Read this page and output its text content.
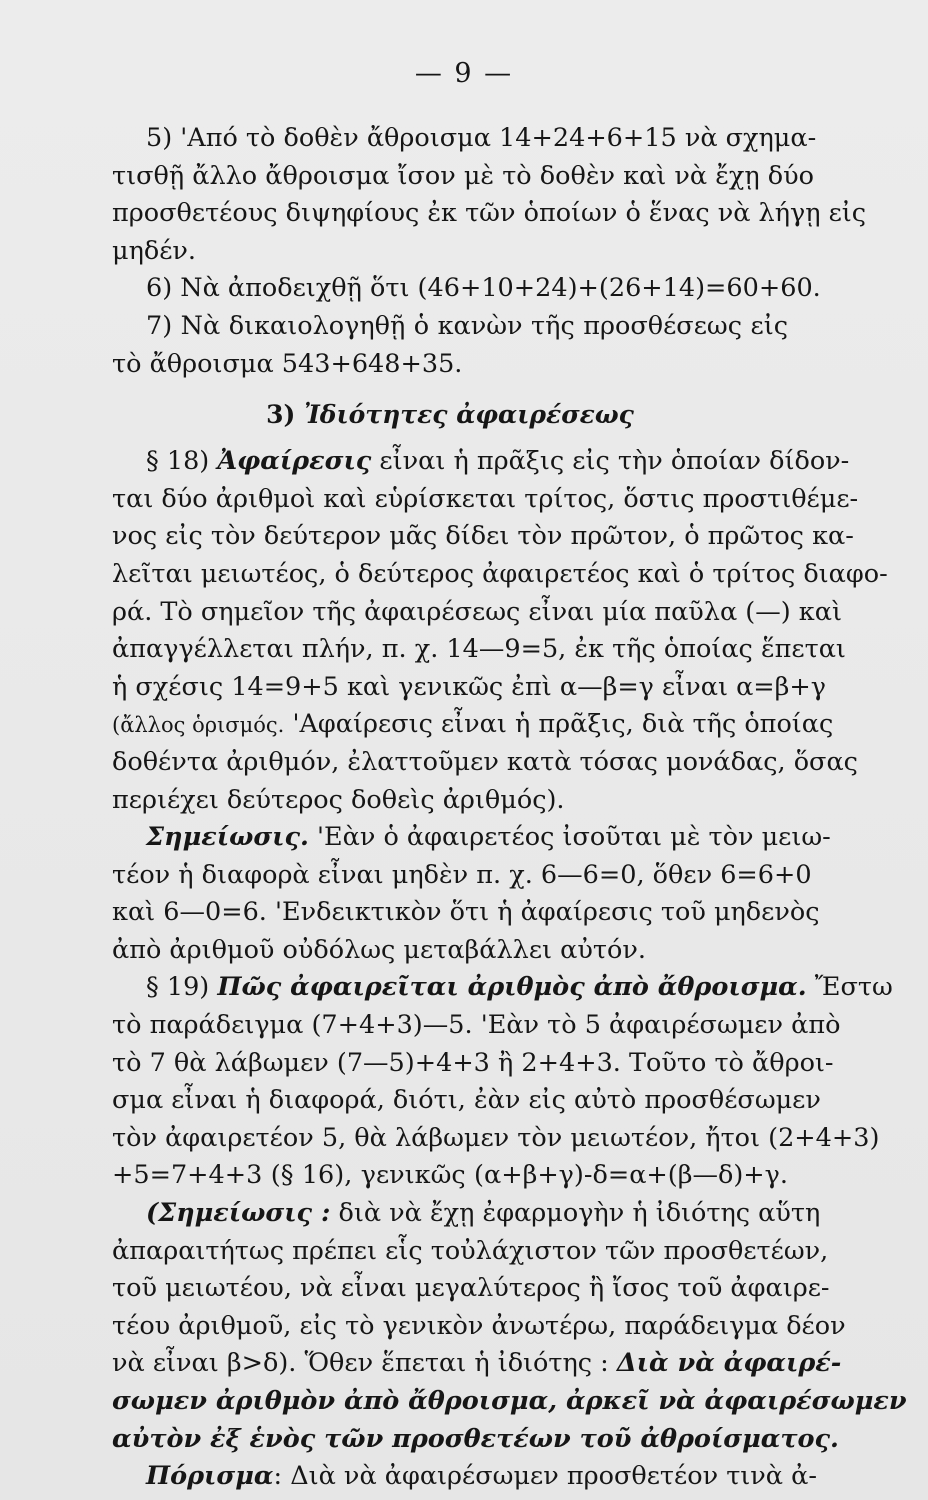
— 9 —
5) 'Από τὸ δοθὲν ἄθροισμα 14+24+6+15 νὰ σχημα-
τισθῇ ἄλλο ἄθροισμα ἴσον μὲ τὸ δοθὲν καὶ νὰ ἔχῃ δύο
προσθετέους διψηφίους ἐκ τῶν ὁποίων ὁ ἕνας νὰ λήγῃ εἰς
μηδέν.
6) Νὰ ἀποδειχθῇ ὅτι (46+10+24)+(26+14)=60+60.
7) Νὰ δικαιολογηθῇ ὁ κανὼν τῆς προσθέσεως εἰς
τὸ ἄθροισμα 543+648+35.
3) Ἰδιότητες ἀφαιρέσεως
§ 18) Ἀφαίρεσις εἶναι ἡ πρᾶξις εἰς τὴν ὁποίαν δίδον-
ται δύο ἀριθμοὶ καὶ εὑρίσκεται τρίτος, ὅστις προστιθέμε-
νος εἰς τὸν δεύτερον μᾶς δίδει τὸν πρῶτον, ὁ πρῶτος κα-
λεῖται μειωτέος, ὁ δεύτερος ἀφαιρετέος καὶ ὁ τρίτος διαφο-
ρά. Τὸ σημεῖον τῆς ἀφαιρέσεως εἶναι μία παῦλα (—) καὶ
ἀπαγγέλλεται πλήν, π. χ. 14—9=5, ἐκ τῆς ὁποίας ἕπεται
ἡ σχέσις 14=9+5 καὶ γενικῶς ἐπὶ α—β=γ εἶναι α=β+γ
(ἄλλος ὁρισμός. 'Αφαίρεσις εἶναι ἡ πρᾶξις, διὰ τῆς ὁποίας
δοθέντα ἀριθμόν, ἐλαττοῦμεν κατὰ τόσας μονάδας, ὅσας
περιέχει δεύτερος δοθεὶς ἀριθμός).
Σημείωσις. 'Εὰν ὁ ἀφαιρετέος ἰσοῦται μὲ τὸν μειω-
τέον ἡ διαφορὰ εἶναι μηδὲν π. χ. 6—6=0, ὅθεν 6=6+0
καὶ 6—0=6. 'Ενδεικτικὸν ὅτι ἡ ἀφαίρεσις τοῦ μηδενὸς
ἀπὸ ἀριθμοῦ οὐδόλως μεταβάλλει αὐτόν.
§ 19) Πῶς ἀφαιρεῖται ἀριθμὸς ἀπὸ ἄθροισμα. Ἔστω
τὸ παράδειγμα (7+4+3)—5. 'Εὰν τὸ 5 ἀφαιρέσωμεν ἀπὸ
τὸ 7 θὰ λάβωμεν (7—5)+4+3 ἢ 2+4+3. Τοῦτο τὸ ἄθροι-
σμα εἶναι ἡ διαφορά, διότι, ἐὰν εἰς αὐτὸ προσθέσωμεν
τὸν ἀφαιρετέον 5, θὰ λάβωμεν τὸν μειωτέον, ἤτοι (2+4+3)
+5=7+4+3 (§ 16), γενικῶς (α+β+γ)-δ=α+(β—δ)+γ.
(Σημείωσις : διὰ νὰ ἔχῃ ἐφαρμογὴν ἡ ἰδιότης αὕτη
ἀπαραιτήτως πρέπει εἷς τοὐλάχιστον τῶν προσθετέων,
τοῦ μειωτέου, νὰ εἶναι μεγαλύτερος ἢ ἴσος τοῦ ἀφαιρε-
τέου ἀριθμοῦ, εἰς τὸ γενικὸν ἀνωτέρω, παράδειγμα δέον
νὰ εἶναι β>δ). Ὅθεν ἕπεται ἡ ἰδιότης : Διὰ νὰ ἀφαιρέ-
σωμεν ἀριθμὸν ἀπὸ ἄθροισμα, ἀρκεῖ νὰ ἀφαιρέσωμεν
αὐτὸν ἐξ ἑνὸς τῶν προσθετέων τοῦ ἀθροίσματος.
Πόρισμα: Διὰ νὰ ἀφαιρέσωμεν προσθετέον τινὰ ἀ-
